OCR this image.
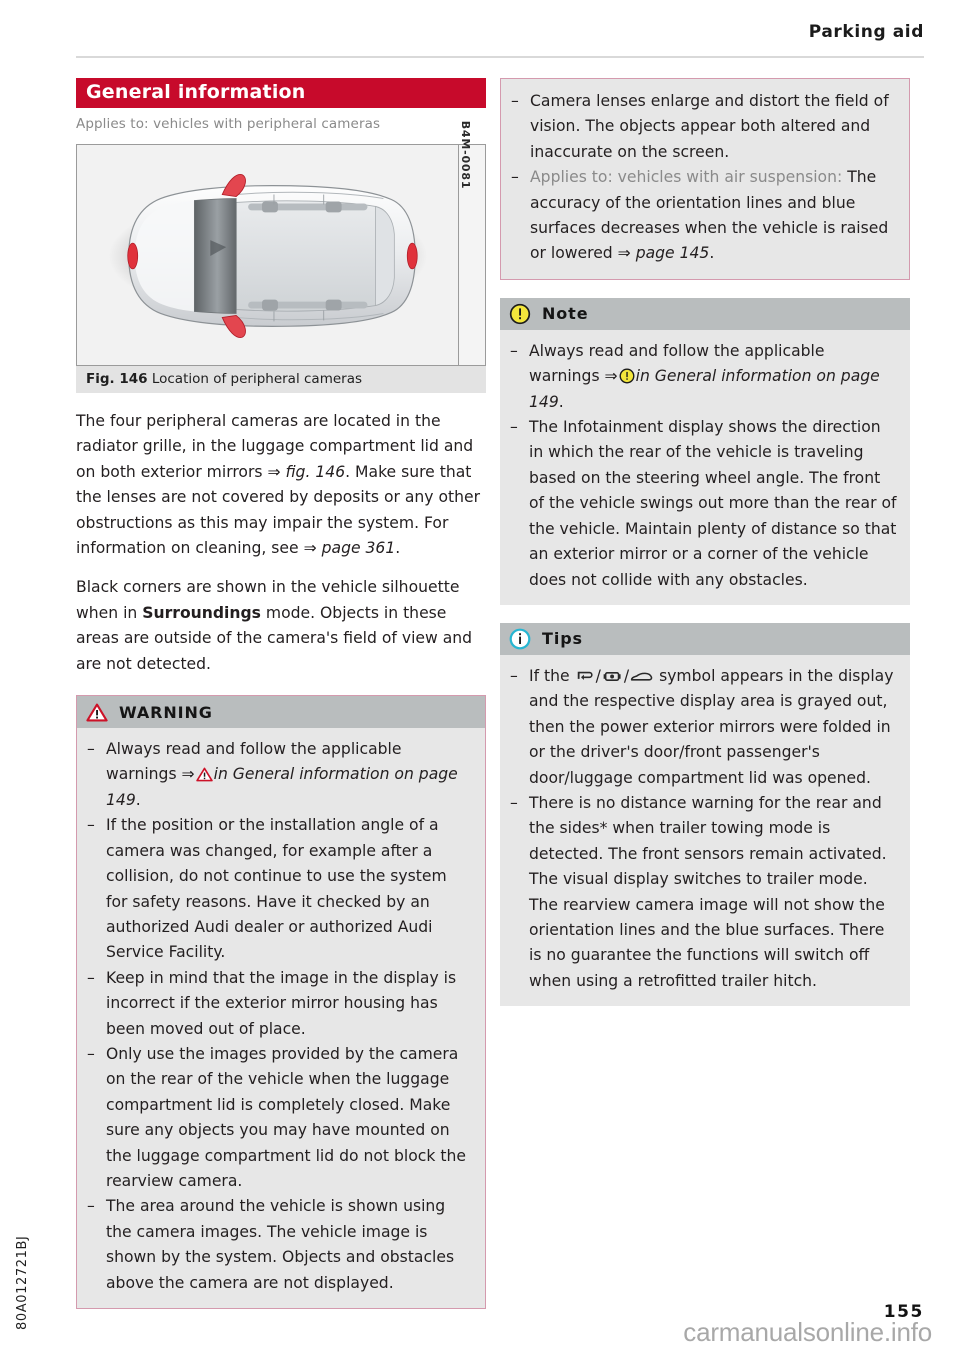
Parking aid
General information
Applies to: vehicles with peripheral cameras	B4M-0081
Fig. 146 Location of peripheral cameras

The four peripheral cameras are located in the radiator grille, in the luggage compartment lid and on both exterior mirrors ⇒ fig. 146. Make sure that the lenses are not covered by deposits or any other obstructions as this may impair the system. For information on cleaning, see ⇒ page 361.

Black corners are shown in the vehicle silhouette when in Surroundings mode. Objects in these areas are outside of the camera's field of view and are not detected.

WARNING
– Always read and follow the applicable warnings ⇒ in General information on page 149.
– If the position or the installation angle of a camera was changed, for example after a collision, do not continue to use the system for safety reasons. Have it checked by an authorized Audi dealer or authorized Audi Service Facility.
– Keep in mind that the image in the display is incorrect if the exterior mirror housing has been moved out of place.
– Only use the images provided by the camera on the rear of the vehicle when the luggage compartment lid is completely closed. Make sure any objects you may have mounted on the luggage compartment lid do not block the rearview camera.
– The area around the vehicle is shown using the camera images. The vehicle image is shown by the system. Objects and obstacles above the camera are not displayed.
– Camera lenses enlarge and distort the field of vision. The objects appear both altered and inaccurate on the screen.
– Applies to: vehicles with air suspension: The accuracy of the orientation lines and blue surfaces decreases when the vehicle is raised or lowered ⇒ page 145.
Note
– Always read and follow the applicable warnings ⇒ in General information on page 149.
– The Infotainment display shows the direction in which the rear of the vehicle is traveling based on the steering wheel angle. The front of the vehicle swings out more than the rear of the vehicle. Maintain plenty of distance so that an exterior mirror or a corner of the vehicle does not collide with any obstacles.
Tips
– If the / / symbol appears in the display and the respective display area is grayed out, then the power exterior mirrors were folded in or the driver's door/front passenger's door/luggage compartment lid was opened.
– There is no distance warning for the rear and the sides* when trailer towing mode is detected. The front sensors remain activated. The visual display switches to trailer mode. The rearview camera image will not show the orientation lines and the blue surfaces. There is no guarantee the functions will switch off when using a retrofitted trailer hitch.
80A012721BJ	155
carmanualsonline.info
